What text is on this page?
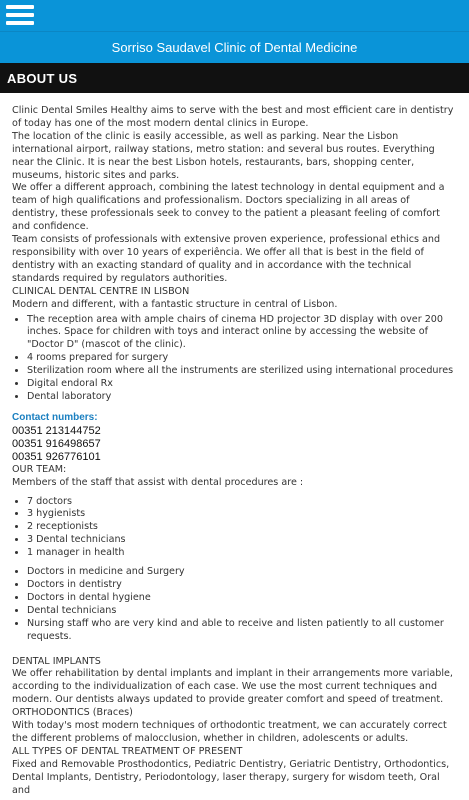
Sorriso Saudavel Clinic of Dental Medicine
ABOUT US

Clinic Dental Smiles Healthy aims to serve with the best and most efficient care in dentistry of today has one of the most modern dental clinics in Europe.

The location of the clinic is easily accessible, as well as parking. Near the Lisbon international airport, railway stations, metro station: and several bus routes. Everything near the Clinic. It is near the best Lisbon hotels, restaurants, bars, shopping center, museums, historic sites and parks.

We offer a different approach, combining the latest technology in dental equipment and a team of high qualifications and professionalism. Doctors specializing in all areas of dentistry, these professionals seek to convey to the patient a pleasant feeling of comfort and confidence.

Team consists of professionals with extensive proven experience, professional ethics and responsibility with over 10 years of experiência. We offer all that is best in the field of dentistry with an exacting standard of quality and in accordance with the technical standards required by regulators authorities.

CLINICAL DENTAL CENTRE IN LISBON

Modern and different, with a fantastic structure in central of Lisbon.

• The reception area with ample chairs of cinema HD projector 3D display with over 200 inches. Space for children with toys and interact online by accessing the website of "Doctor D" (mascot of the clinic).
• 4 rooms prepared for surgery
• Sterilization room where all the instruments are sterilized using international procedures
• Digital endoral Rx
• Dental laboratory

Contact numbers:

00351 213144752

00351 916498657

00351 926776101

OUR TEAM:

Members of the staff that assist with dental procedures are :

• 7 doctors
• 3 hygienists
• 2 receptionists
• 3 Dental technicians
• 1 manager in health
• Doctors in medicine and Surgery
• Doctors in dentistry
• Doctors in dental hygiene
• Dental technicians
• Nursing staff who are very kind and able to receive and listen patiently to all customer requests.

DENTAL IMPLANTS

We offer rehabilitation by dental implants and implant in their arrangements more variable, according to the individualization of each case. We use the most current techniques and modern. Our dentists always updated to provide greater comfort and speed of treatment.

ORTHODONTICS (Braces)

With today's most modern techniques of orthodontic treatment, we can accurately correct the different problems of malocclusion, whether in children, adolescents or adults.

ALL TYPES OF DENTAL TREATMENT OF PRESENT

Fixed and Removable Prosthodontics, Pediatric Dentistry, Geriatric Dentistry, Orthodontics, Dental Implants, Dentistry, Periodontology, laser therapy, surgery for wisdom teeth, Oral and
